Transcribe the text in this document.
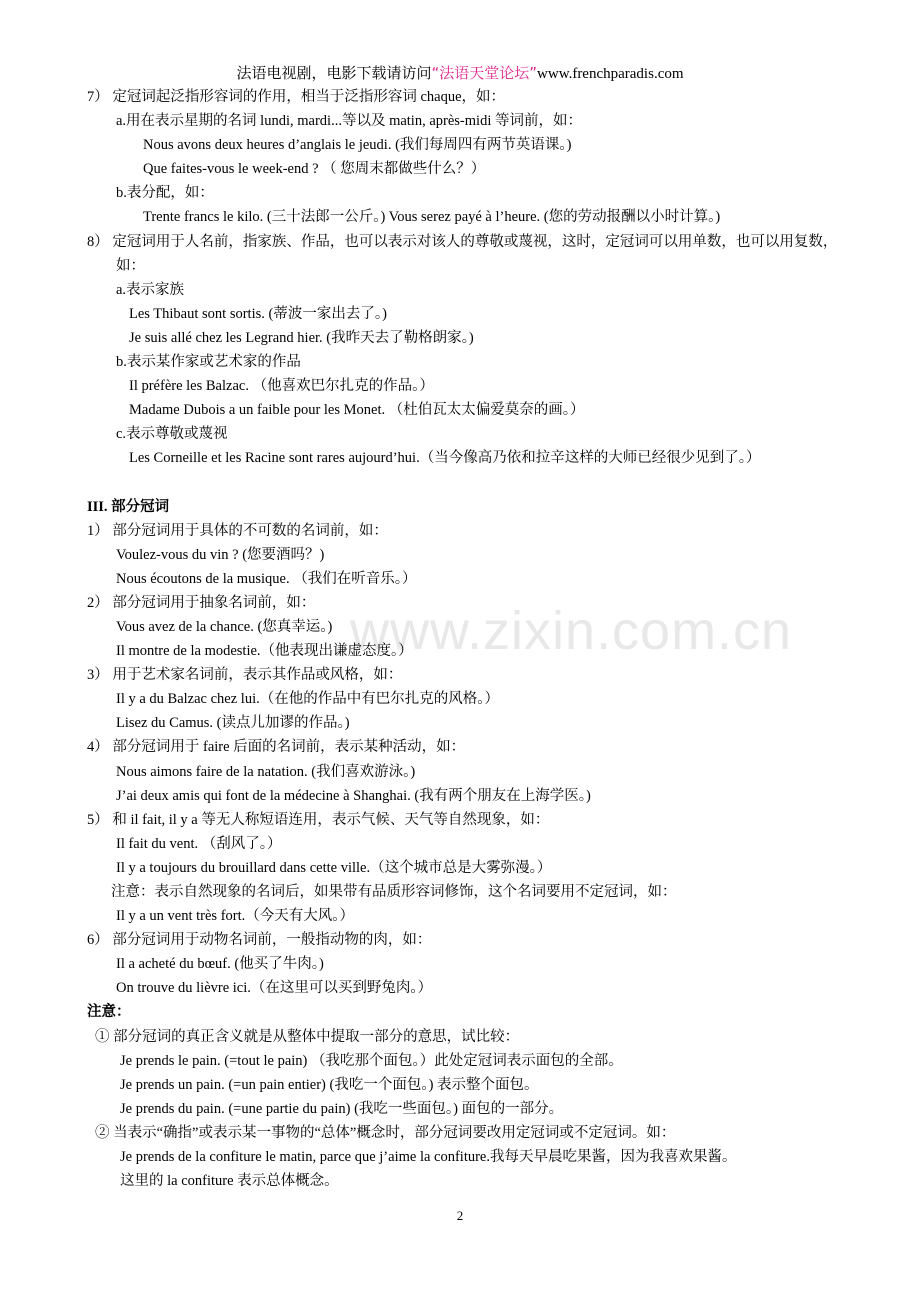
法语电视剧，电影下载请访问“法语天堂论坛”www.frenchparadis.com
www.zixin.com.cn
7） 定冠词起泛指形容词的作用，相当于泛指形容词 chaque，如：
a.用在表示星期的名词 lundi, mardi...等以及 matin, après-midi 等词前，如：
Nous avons deux heures d’anglais le jeudi. (我们每周四有两节英语课。)
Que faites-vous le week-end ? （ 您周末都做些什么？）
b.表分配，如：
Trente francs le kilo. (三十法郎一公斤。) Vous serez payé à l’heure. (您的劳动报酬以小时计算。)
8） 定冠词用于人名前，指家族、作品，也可以表示对该人的尊敬或蔑视，这时，定冠词可以用单数，也可以用复数，如：
a.表示家族
Les Thibaut sont sortis. (蒂波一家出去了。)
Je suis allé chez les Legrand hier. (我昨天去了勒格朗家。)
b.表示某作家或艺术家的作品
Il préfère les Balzac. （他喜欢巴尔扎克的作品。）
Madame Dubois a un faible pour les Monet. （杜伯瓦太太偏爱莫奈的画。）
c.表示尊敬或蔑视
Les Corneille et les Racine sont rares aujourd’hui.（当今像高乃依和拉辛这样的大师已经很少见到了。）
III. 部分冠词
1） 部分冠词用于具体的不可数的名词前，如：
Voulez-vous du vin ? (您要酒吗？)
Nous écoutons de la musique. （我们在听音乐。）
2） 部分冠词用于抽象名词前，如：
Vous avez de la chance. (您真幸运。)
Il montre de la modestie.（他表现出谦虚态度。）
3） 用于艺术家名词前，表示其作品或风格，如：
Il y a du Balzac chez lui.（在他的作品中有巴尔扎克的风格。）
Lisez du Camus. (读点儿加谬的作品。)
4） 部分冠词用于 faire 后面的名词前，表示某种活动，如：
Nous aimons faire de la natation. (我们喜欢游泳。)
J’ai deux amis qui font de la médecine à Shanghai. (我有两个朋友在上海学医。)
5） 和 il fait, il y a 等无人称短语连用，表示气候、天气等自然现象，如：
Il fait du vent. （刮风了。）
Il y a toujours du brouillard dans cette ville.（这个城市总是大雾弥漫。）
注意：表示自然现象的名词后，如果带有品质形容词修饰，这个名词要用不定冠词，如：
Il y a un vent très fort.（今天有大风。）
6） 部分冠词用于动物名词前，一般指动物的肉，如：
Il a acheté du bœuf. (他买了牛肉。)
On trouve du lièvre ici.（在这里可以买到野兔肉。）
注意：
① 部分冠词的真正含义就是从整体中提取一部分的意思，试比较：
Je prends le pain. (=tout le pain) （我吃那个面包。）此处定冠词表示面包的全部。
Je prends un pain. (=un pain entier) (我吃一个面包。) 表示整个面包。
Je prends du pain. (=une partie du pain) (我吃一些面包。) 面包的一部分。
② 当表示“确指”或表示某一事物的“总体”概念时，部分冠词要改用定冠词或不定冠词。如：
Je prends de la confiture le matin, parce que j’aime la confiture.我每天早晨吃果酱，因为我喜欢果酱。
这里的 la confiture 表示总体概念。
2
